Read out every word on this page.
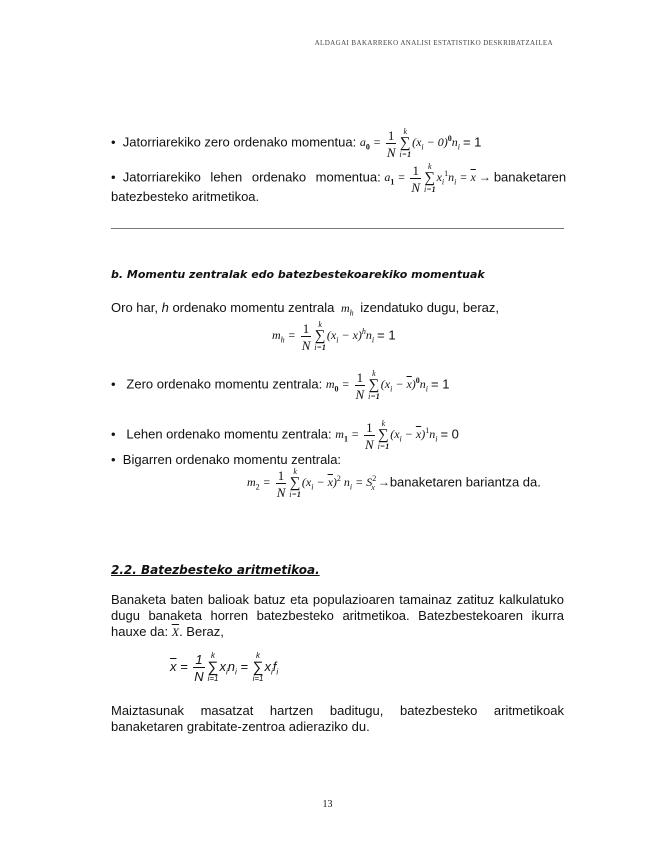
ALDAGAI BAKARREKO ANALISI ESTATISTIKO DESKRIBATZAILEA
•  Jatorriarekiko zero ordenako momentua: $a_0 = \frac{1}{N}$ k
∑
i=1
$(x_i - 0)^0n_i = 1$
•  Jatorriarekiko lehen ordenako momentua: $a_1 = \frac{1}{N}$ k
∑
i=1
$x_i^1n_i = \overline{x}$ → banaketaren
batezbesteko aritmetikoa.
b. Momentu zentralak edo batezbestekoarekiko momentuak
Oro har, h ordenako momentu zentrala $m_h$ izendatuko dugu, beraz,
$m_h = \frac{1}{N}$ k
∑
i=1
$(x_i - x)^hn_i = 1$
•   Zero ordenako momentu zentrala: $m_0 = \frac{1}{N}$ k
∑
i=1
$(x_i - \overline{x})^0n_i = 1$
•   Lehen ordenako momentu zentrala: $m_1 = \frac{1}{N}$ k
∑
i=1
$(x_i - \overline{x})^1n_i = 0$
•  Bigarren ordenako momentu zentrala:
$m_2 = \frac{1}{N}$ k
∑
i=1
$(x_i - \overline{x})^2$ $n_i = S^2_x$ →banaketaren bariantza da.
2.2. Batezbesteko aritmetikoa.
Banaketa baten balioak batuz eta populazioaren tamainaz zatituz kalkulatuko dugu banaketa horren batezbesteko aritmetikoa. Batezbestekoaren ikurra hauxe da: $\overline{X}$. Beraz,
$\overline{x} = \frac{1}{N}$ k
∑
i=1
$x_in_i$ =
k
∑
i=1
$x_if_i$
Maiztasunak masatzat hartzen baditugu, batezbesteko aritmetikoak banaketaren grabitate-zentroa adieraziko du.
13
